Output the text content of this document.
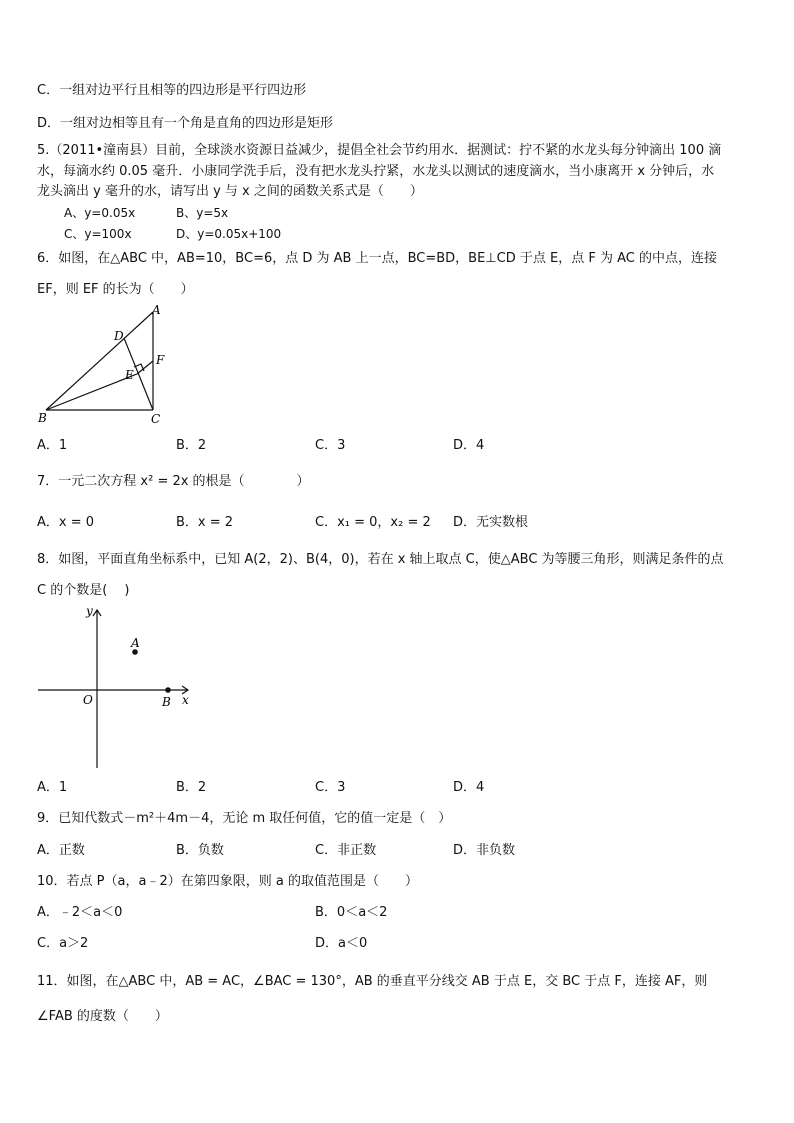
C．一组对边平行且相等的四边形是平行四边形
D．一组对边相等且有一个角是直角的四边形是矩形
5.（2011•潼南县）目前，全球淡水资源日益减少，提倡全社会节约用水．据测试：拧不紧的水龙头每分钟滴出 100 滴
水，每滴水约 0.05 毫升．小康同学洗手后，没有把水龙头拧紧，水龙头以测试的速度滴水，当小康离开 x 分钟后，水
龙头滴出 y 毫升的水，请写出 y 与 x 之间的函数关系式是（　　）
A、y=0.05x	B、y=5x
C、y=100x	D、y=0.05x+100
6．如图，在△ABC 中，AB=10，BC=6，点 D 为 AB 上一点，BC=BD，BE⊥CD 于点 E，点 F 为 AC 的中点，连接
EF，则 EF 的长为（　　）
A
D
F
E
B	C
A．1	B．2	C．3	D．4
7．一元二次方程 x² = 2x 的根是（　　　　）
A．x = 0	B．x = 2	C．x₁ = 0，x₂ = 2 D．无实数根
8．如图，平面直角坐标系中，已知 A(2，2)、B(4，0)，若在 x 轴上取点 C，使△ABC 为等腰三角形，则满足条件的点
C 的个数是(　 )
y
A
O	B x
A．1	B．2	C．3	D．4
9．已知代数式－m²＋4m－4，无论 m 取任何值，它的值一定是（　）
A．正数	B．负数	C．非正数	D．非负数
10．若点 P（a，a﹣2）在第四象限，则 a 的取值范围是（　　）
A．﹣2＜a＜0	B．0＜a＜2
C．a＞2	D．a＜0
11．如图，在△ABC 中，AB = AC，∠BAC = 130°，AB 的垂直平分线交 AB 于点 E，交 BC 于点 F，连接 AF，则
∠FAB 的度数（　　）
